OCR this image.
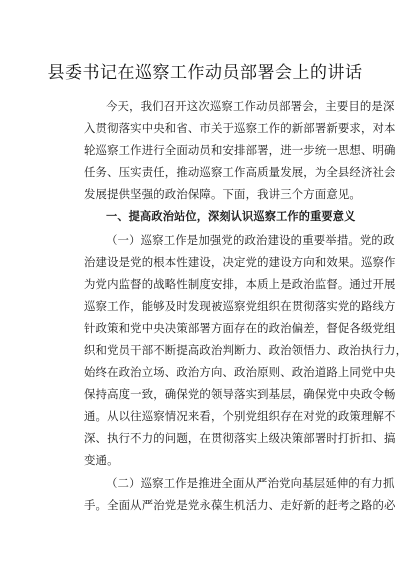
县委书记在巡察工作动员部署会上的讲话
今天，我们召开这次巡察工作动员部署会，主要目的是深
入贯彻落实中央和省、市关于巡察工作的新部署新要求，对本
轮巡察工作进行全面动员和安排部署，进一步统一思想、明确
任务、压实责任，推动巡察工作高质量发展，为全县经济社会
发展提供坚强的政治保障。下面，我讲三个方面意见。
一、提高政治站位，深刻认识巡察工作的重要意义
（一）巡察工作是加强党的政治建设的重要举措。党的政
治建设是党的根本性建设，决定党的建设方向和效果。巡察作
为党内监督的战略性制度安排，本质上是政治监督。通过开展
巡察工作，能够及时发现被巡察党组织在贯彻落实党的路线方
针政策和党中央决策部署方面存在的政治偏差，督促各级党组
织和党员干部不断提高政治判断力、政治领悟力、政治执行力，
始终在政治立场、政治方向、政治原则、政治道路上同党中央
保持高度一致，确保党的领导落实到基层，确保党中央政令畅
通。从以往巡察情况来看，个别党组织存在对党的政策理解不
深、执行不力的问题，在贯彻落实上级决策部署时打折扣、搞
变通。
（二）巡察工作是推进全面从严治党向基层延伸的有力抓
手。全面从严治党是党永葆生机活力、走好新的赶考之路的必
